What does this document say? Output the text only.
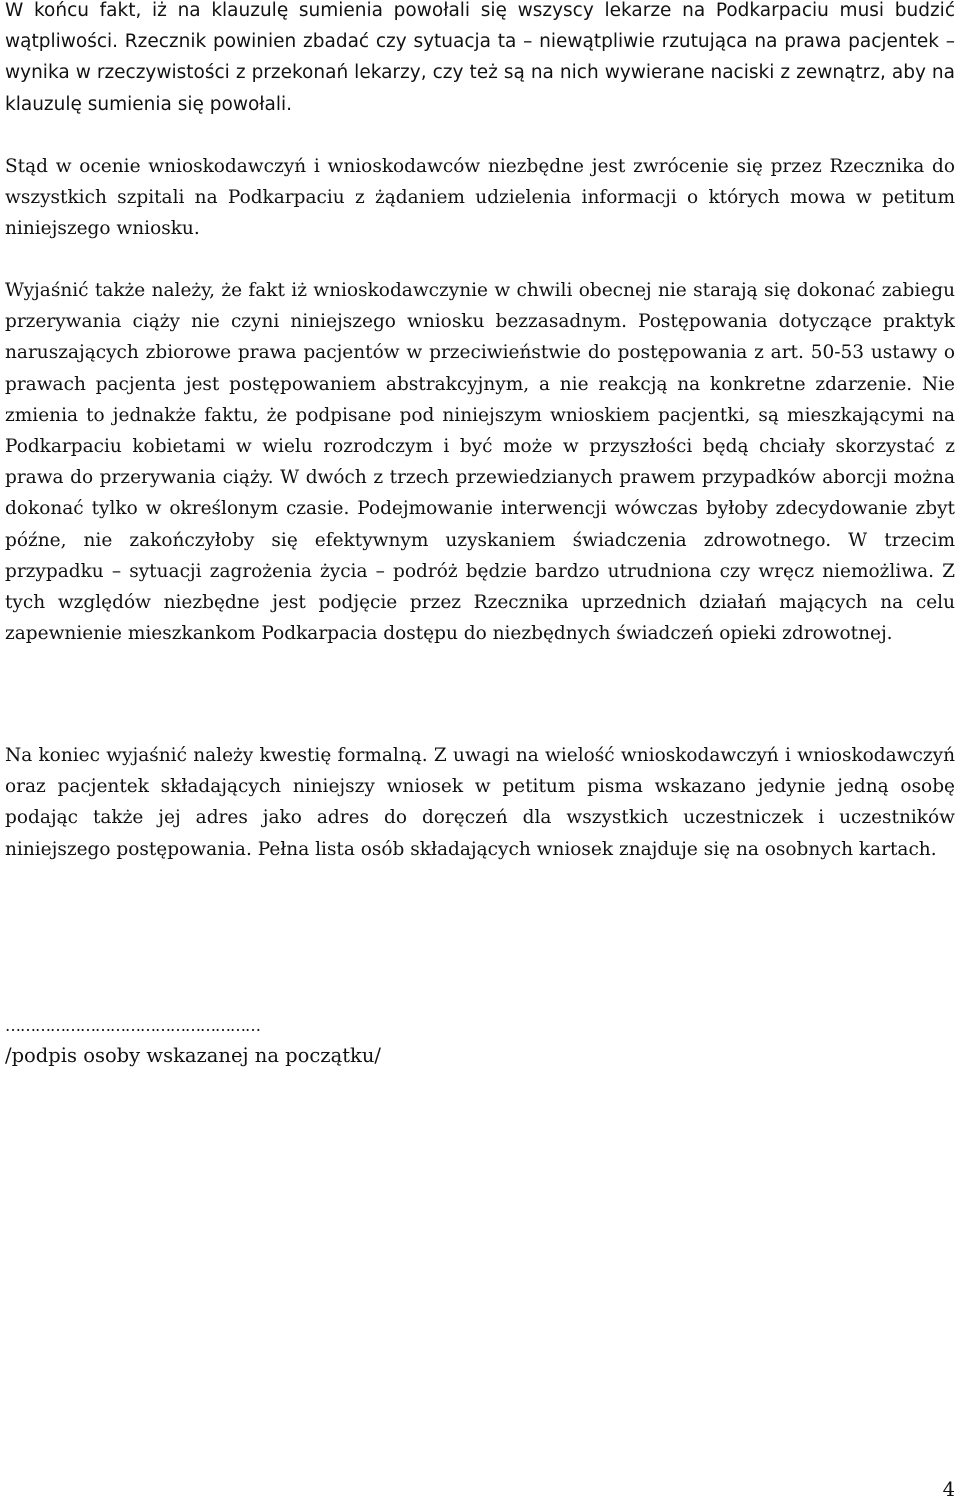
W końcu fakt, iż na klauzulę sumienia powołali się wszyscy lekarze na Podkarpaciu musi budzić wątpliwości. Rzecznik powinien zbadać czy sytuacja ta – niewątpliwie rzutująca na prawa pacjentek – wynika w rzeczywistości z przekonań lekarzy, czy też są na nich wywierane naciski z zewnątrz, aby na klauzulę sumienia się powołali.

Stąd w ocenie wnioskodawczyń i wnioskodawców niezbędne jest zwrócenie się przez Rzecznika do wszystkich szpitali na Podkarpaciu z żądaniem udzielenia informacji o których mowa w petitum niniejszego wniosku.

Wyjaśnić także należy, że fakt iż wnioskodawczynie w chwili obecnej nie starają się dokonać zabiegu przerywania ciąży nie czyni niniejszego wniosku bezzasadnym. Postępowania dotyczące praktyk naruszających zbiorowe prawa pacjentów w przeciwieństwie do postępowania z art. 50-53 ustawy o prawach pacjenta jest postępowaniem abstrakcyjnym, a nie reakcją na konkretne zdarzenie. Nie zmienia to jednakże faktu, że podpisane pod niniejszym wnioskiem pacjentki, są mieszkającymi na Podkarpaciu kobietami w wielu rozrodczym i być może w przyszłości będą chciały skorzystać z prawa do przerywania ciąży. W dwóch z trzech przewiedzianych prawem przypadków aborcji można dokonać tylko w określonym czasie. Podejmowanie interwencji wówczas byłoby zdecydowanie zbyt późne, nie zakończyłoby się efektywnym uzyskaniem świadczenia zdrowotnego. W trzecim przypadku – sytuacji zagrożenia życia – podróż będzie bardzo utrudniona czy wręcz niemożliwa. Z tych względów niezbędne jest podjęcie przez Rzecznika uprzednich działań mających na celu zapewnienie mieszkankom Podkarpacia dostępu do niezbędnych świadczeń opieki zdrowotnej.

Na koniec wyjaśnić należy kwestię formalną. Z uwagi na wielość wnioskodawczyń i wnioskodawczyń oraz pacjentek składających niniejszy wniosek w petitum pisma wskazano jedynie jedną osobę podając także jej adres jako adres do doręczeń dla wszystkich uczestniczek i uczestników niniejszego postępowania. Pełna lista osób składających wniosek znajduje się na osobnych kartach.

……………………………………………
/podpis osoby wskazanej na początku/
4
